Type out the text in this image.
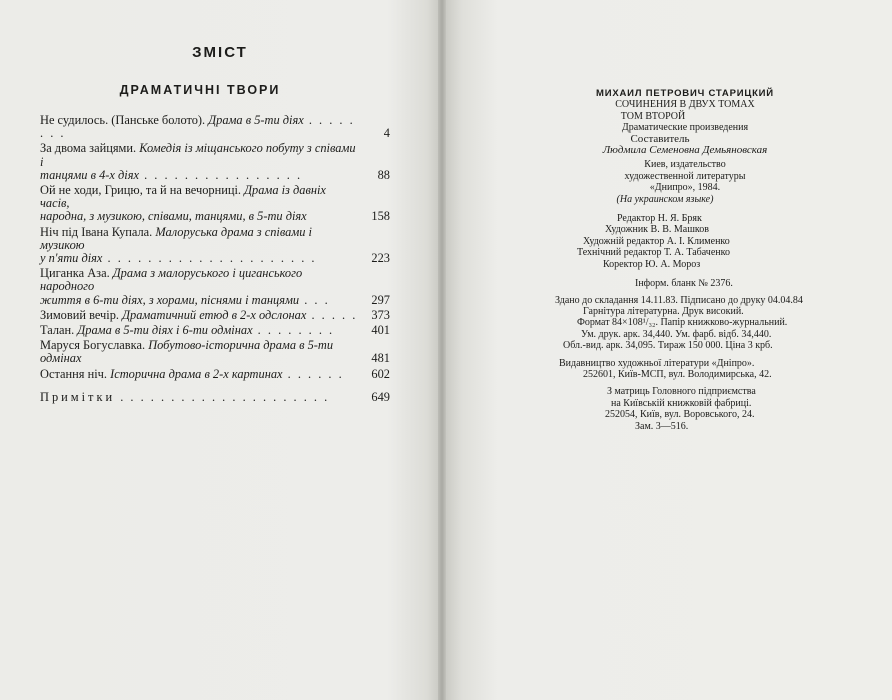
ЗМІСТ
ДРАМАТИЧНІ ТВОРИ
Не судилось. (Панське болото). Драма в 5-ти діях . . . . . . . .	4
За двома зайцями. Комедія із міщанського побуту з співами і
танцями в 4-х діях . . . . . . . . . . . . . . . .	88
Ой не ходи, Грицю, та й на вечорниці. Драма із давніх часів,
народна, з музикою, співами, танцями, в 5-ти діях	158
Ніч під Івана Купала. Малоруська драма з співами і музикою
у п'яти діях . . . . . . . . . . . . . . . . . . . . .	223
Циганка Аза. Драма з малоруського і циганського народного
життя в 6-ти діях, з хорами, піснями і танцями . . .	297
Зимовий вечір. Драматичний етюд в 2-х одслонах . . . . . 373
Талан. Драма в 5-ти діях і 6-ти одмінах . . . . . . . .	401
Маруся Богуславка. Побутово-історична драма в 5-ти одмінах	481
Остання ніч. Історична драма в 2-х картинах . . . . . .	602
Примітки . . . . . . . . . . . . . . . . . . . . .	649
МИХАИЛ ПЕТРОВИЧ СТАРИЦКИЙ
СОЧИНЕНИЯ В ДВУХ ТОМАХ
ТОМ ВТОРОЙ
Драматические произведения
Составитель
Людмила Семеновна Демьяновская
Киев, издательство
художественной литературы
«Днипро», 1984.
(На украинском языке)
Редактор Н. Я. Бряк
Художник В. В. Машков
Художній редактор А. І. Клименко
Технічний редактор Т. А. Табаченко
Коректор Ю. А. Мороз
Інформ. бланк № 2376.
Здано до складання 14.11.83. Підписано до друку 04.04.84
Гарнітура літературна. Друк високий.
Формат 84×108¹/₃₂. Папір книжково-журнальний.
Ум. друк. арк. 34,440. Ум. фарб. відб. 34,440.
Обл.-вид. арк. 34,095. Тираж 150 000. Ціна 3 крб.
Видавництво художньої літератури «Дніпро».
252601, Київ-МСП, вул. Володимирська, 42.
З матриць Головного підприємства
на Київській книжковій фабриці.
252054, Київ, вул. Воровського, 24.
Зам. 3—516.
